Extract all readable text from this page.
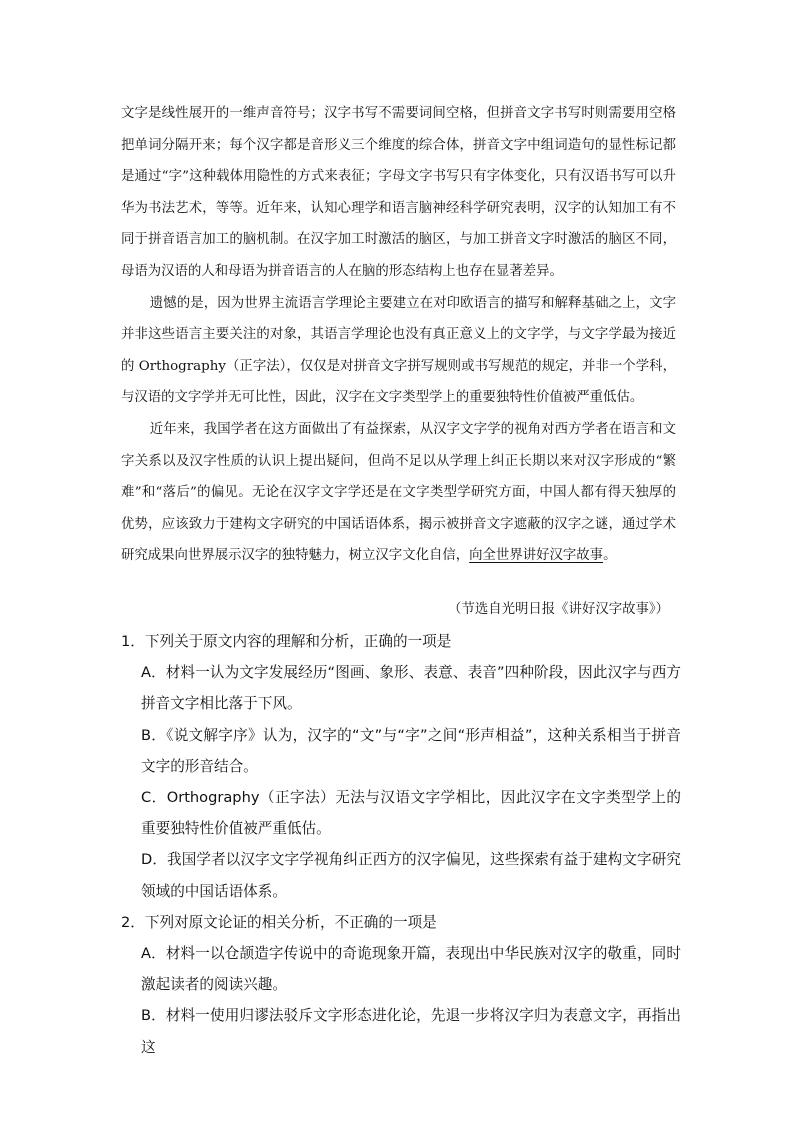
文字是线性展开的一维声音符号；汉字书写不需要词间空格，但拼音文字书写时则需要用空格把单词分隔开来；每个汉字都是音形义三个维度的综合体，拼音文字中组词造句的显性标记都是通过“字”这种载体用隐性的方式来表征；字母文字书写只有字体变化，只有汉语书写可以升华为书法艺术，等等。近年来，认知心理学和语言脑神经科学研究表明，汉字的认知加工有不同于拼音语言加工的脑机制。在汉字加工时激活的脑区，与加工拼音文字时激活的脑区不同，母语为汉语的人和母语为拼音语言的人在脑的形态结构上也存在显著差异。

遗憾的是，因为世界主流语言学理论主要建立在对印欧语言的描写和解释基础之上，文字并非这些语言主要关注的对象，其语言学理论也没有真正意义上的文字学，与文字学最为接近的 Orthography（正字法），仅仅是对拼音文字拼写规则或书写规范的规定，并非一个学科，与汉语的文字学并无可比性，因此，汉字在文字类型学上的重要独特性价值被严重低估。

近年来，我国学者在这方面做出了有益探索，从汉字文字学的视角对西方学者在语言和文字关系以及汉字性质的认识上提出疑问，但尚不足以从学理上纠正长期以来对汉字形成的“繁难”和“落后”的偏见。无论在汉字文字学还是在文字类型学研究方面，中国人都有得天独厚的优势，应该致力于建构文字研究的中国话语体系，揭示被拼音文字遮蔽的汉字之谜，通过学术研究成果向世界展示汉字的独特魅力，树立汉字文化自信，向全世界讲好汉字故事。

（节选自光明日报《讲好汉字故事》）

1．下列关于原文内容的理解和分析，正确的一项是

A．材料一认为文字发展经历“图画、象形、表意、表音”四种阶段，因此汉字与西方拼音文字相比落于下风。

B．《说文解字序》认为，汉字的“文”与“字”之间“形声相益”，这种关系相当于拼音文字的形音结合。

C．Orthography（正字法）无法与汉语文字学相比，因此汉字在文字类型学上的重要独特性价值被严重低估。

D．我国学者以汉字文字学视角纠正西方的汉字偏见，这些探索有益于建构文字研究领域的中国话语体系。

2．下列对原文论证的相关分析，不正确的一项是

A．材料一以仓颉造字传说中的奇诡现象开篇，表现出中华民族对汉字的敬重，同时激起读者的阅读兴趣。

B．材料一使用归谬法驳斥文字形态进化论，先退一步将汉字归为表意文字，再指出这
